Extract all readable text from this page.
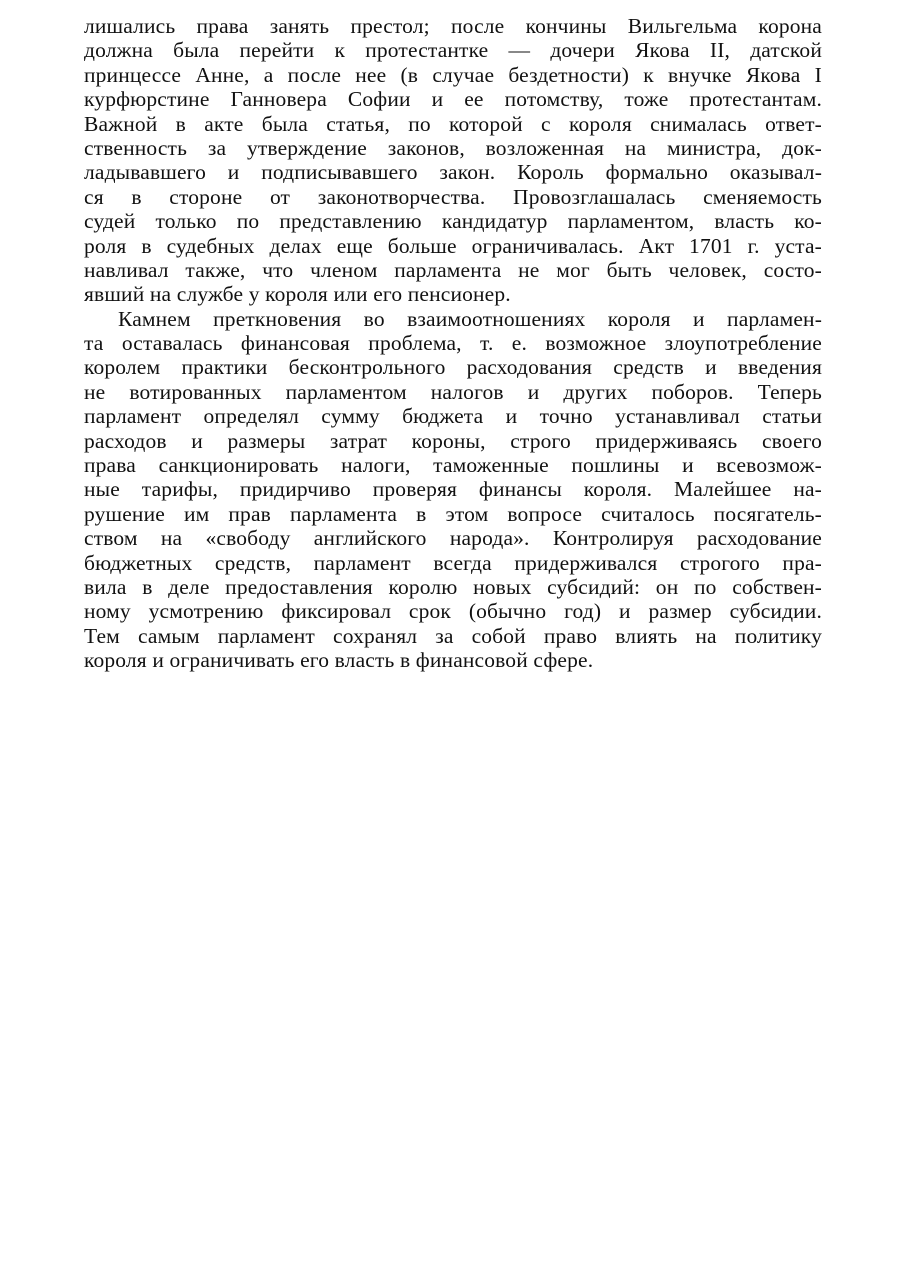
лишались права занять престол; после кончины Вильгельма корона
должна была перейти к протестантке — дочери Якова II, датской
принцессе Анне, а после нее (в случае бездетности) к внучке Якова I
курфюрстине Ганновера Софии и ее потомству, тоже протестантам.
Важной в акте была статья, по которой с короля снималась ответ-
ственность за утверждение законов, возложенная на министра, док-
ладывавшего и подписывавшего закон. Король формально оказывал-
ся в стороне от законотворчества. Провозглашалась сменяемость
судей только по представлению кандидатур парламентом, власть ко-
роля в судебных делах еще больше ограничивалась. Акт 1701 г. уста-
навливал также, что членом парламента не мог быть человек, состо-
явший на службе у короля или его пенсионер.
Камнем преткновения во взаимоотношениях короля и парламен-
та оставалась финансовая проблема, т. е. возможное злоупотребление
королем практики бесконтрольного расходования средств и введения
не вотированных парламентом налогов и других поборов. Теперь
парламент определял сумму бюджета и точно устанавливал статьи
расходов и размеры затрат короны, строго придерживаясь своего
права санкционировать налоги, таможенные пошлины и всевозмож-
ные тарифы, придирчиво проверяя финансы короля. Малейшее на-
рушение им прав парламента в этом вопросе считалось посягатель-
ством на «свободу английского народа». Контролируя расходование
бюджетных средств, парламент всегда придерживался строгого пра-
вила в деле предоставления королю новых субсидий: он по собствен-
ному усмотрению фиксировал срок (обычно год) и размер субсидии.
Тем самым парламент сохранял за собой право влиять на политику
короля и ограничивать его власть в финансовой сфере.
